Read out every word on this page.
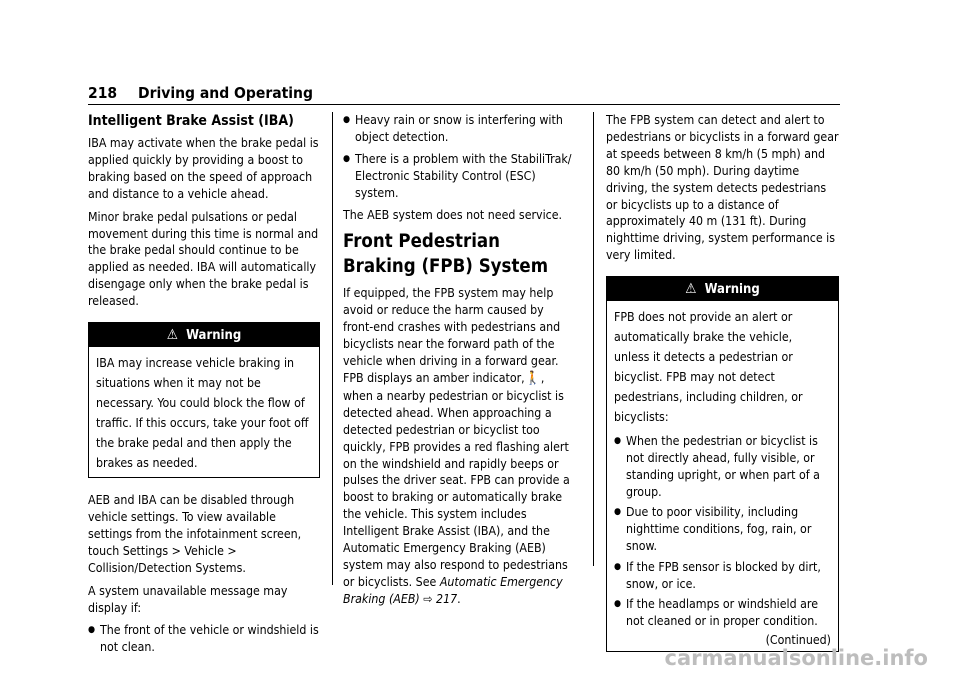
218 Driving and Operating
Intelligent Brake Assist (IBA)

IBA may activate when the brake pedal is applied quickly by providing a boost to braking based on the speed of approach and distance to a vehicle ahead.

Minor brake pedal pulsations or pedal movement during this time is normal and the brake pedal should continue to be applied as needed. IBA will automatically disengage only when the brake pedal is released.

⚠ Warning
IBA may increase vehicle braking in situations when it may not be necessary. You could block the flow of traffic. If this occurs, take your foot off the brake pedal and then apply the brakes as needed.

AEB and IBA can be disabled through vehicle settings. To view available settings from the infotainment screen, touch Settings > Vehicle > Collision/Detection Systems.

A system unavailable message may display if:

● The front of the vehicle or windshield is not clean.
● Heavy rain or snow is interfering with object detection.
● There is a problem with the StabiliTrak/ Electronic Stability Control (ESC) system.

The AEB system does not need service.

Front Pedestrian Braking (FPB) System

If equipped, the FPB system may help avoid or reduce the harm caused by front-end crashes with pedestrians and bicyclists near the forward path of the vehicle when driving in a forward gear. FPB displays an amber indicator,🚶, when a nearby pedestrian or bicyclist is detected ahead. When approaching a detected pedestrian or bicyclist too quickly, FPB provides a red flashing alert on the windshield and rapidly beeps or pulses the driver seat. FPB can provide a boost to braking or automatically brake the vehicle. This system includes Intelligent Brake Assist (IBA), and the Automatic Emergency Braking (AEB) system may also respond to pedestrians or bicyclists. See Automatic Emergency Braking (AEB) ⇨ 217.

The FPB system can detect and alert to pedestrians or bicyclists in a forward gear at speeds between 8 km/h (5 mph) and 80 km/h (50 mph). During daytime driving, the system detects pedestrians or bicyclists up to a distance of approximately 40 m (131 ft). During nighttime driving, system performance is very limited.

⚠ Warning

FPB does not provide an alert or automatically brake the vehicle, unless it detects a pedestrian or bicyclist. FPB may not detect pedestrians, including children, or bicyclists:

● When the pedestrian or bicyclist is not directly ahead, fully visible, or standing upright, or when part of a group.
● Due to poor visibility, including nighttime conditions, fog, rain, or snow.
● If the FPB sensor is blocked by dirt, snow, or ice.
● If the headlamps or windshield are not cleaned or in proper condition.
(Continued)
carmanualsonline.info
